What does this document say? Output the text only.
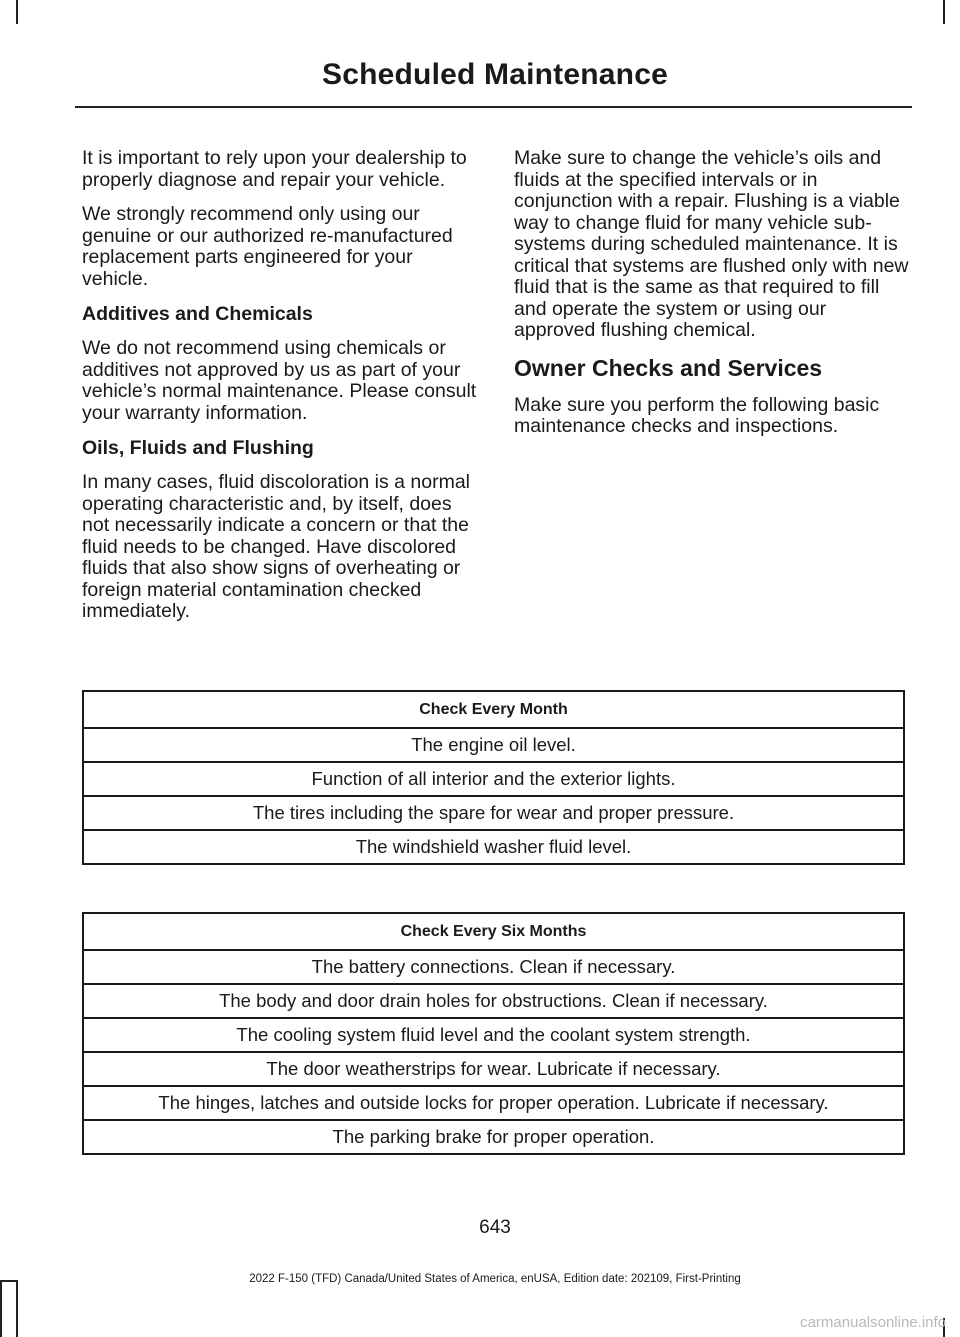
Scheduled Maintenance

It is important to rely upon your dealership to properly diagnose and repair your vehicle.

We strongly recommend only using our genuine or our authorized re-manufactured replacement parts engineered for your vehicle.

Additives and Chemicals

We do not recommend using chemicals or additives not approved by us as part of your vehicle’s normal maintenance. Please consult your warranty information.

Oils, Fluids and Flushing

In many cases, fluid discoloration is a normal operating characteristic and, by itself, does not necessarily indicate a concern or that the fluid needs to be changed. Have discolored fluids that also show signs of overheating or foreign material contamination checked immediately.

Make sure to change the vehicle’s oils and fluids at the specified intervals or in conjunction with a repair. Flushing is a viable way to change fluid for many vehicle sub-systems during scheduled maintenance. It is critical that systems are flushed only with new fluid that is the same as that required to fill and operate the system or using our approved flushing chemical.

Owner Checks and Services

Make sure you perform the following basic maintenance checks and inspections.

Check Every Month
The engine oil level.
Function of all interior and the exterior lights.
The tires including the spare for wear and proper pressure.
The windshield washer fluid level.
Check Every Six Months
The battery connections. Clean if necessary.
The body and door drain holes for obstructions. Clean if necessary.
The cooling system fluid level and the coolant system strength.
The door weatherstrips for wear. Lubricate if necessary.
The hinges, latches and outside locks for proper operation. Lubricate if necessary.
The parking brake for proper operation.
643
2022 F-150 (TFD) Canada/United States of America, enUSA, Edition date: 202109, First-Printing
carmanualsonline.info
